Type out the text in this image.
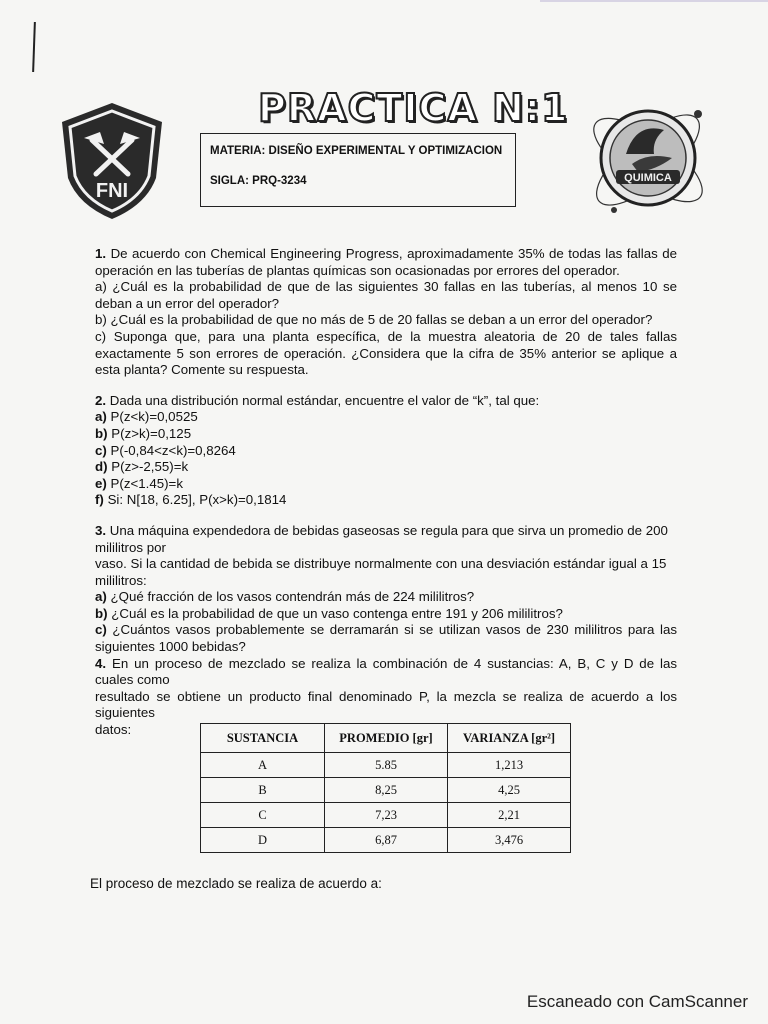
FNI
QUIMICA
PRACTICA N:1
MATERIA: DISEÑO EXPERIMENTAL Y OPTIMIZACION
SIGLA: PRQ-3234

1. De acuerdo con Chemical Engineering Progress, aproximadamente 35% de todas las fallas de operación en las tuberías de plantas químicas son ocasionadas por errores del operador.

a) ¿Cuál es la probabilidad de que de las siguientes 30 fallas en las tuberías, al menos 10 se deban a un error del operador?

b) ¿Cuál es la probabilidad de que no más de 5 de 20 fallas se deban a un error del operador?

c) Suponga que, para una planta específica, de la muestra aleatoria de 20 de tales fallas exactamente 5 son errores de operación. ¿Considera que la cifra de 35% anterior se aplique a esta planta? Comente su respuesta.

2. Dada una distribución normal estándar, encuentre el valor de “k”, tal que:

a) P(z<k)=0,0525

b) P(z>k)=0,125

c) P(-0,84<z<k)=0,8264

d) P(z>-2,55)=k

e) P(z<1.45)=k

f) Si: N[18, 6.25], P(x>k)=0,1814

3. Una máquina expendedora de bebidas gaseosas se regula para que sirva un promedio de 200 mililitros por

vaso. Si la cantidad de bebida se distribuye normalmente con una desviación estándar igual a 15 mililitros:

a) ¿Qué fracción de los vasos contendrán más de 224 mililitros?

b) ¿Cuál es la probabilidad de que un vaso contenga entre 191 y 206 mililitros?

c) ¿Cuántos vasos probablemente se derramarán si se utilizan vasos de 230 mililitros para las siguientes 1000 bebidas?

4. En un proceso de mezclado se realiza la combinación de 4 sustancias: A, B, C y D de las cuales como

resultado se obtiene un producto final denominado P, la mezcla se realiza de acuerdo a los siguientes

datos:

SUSTANCIA	PROMEDIO [gr]	VARIANZA [gr²]
A	5.85	1,213
B	8,25	4,25
C	7,23	2,21
D	6,87	3,476
El proceso de mezclado se realiza de acuerdo a:
Escaneado con CamScanner
